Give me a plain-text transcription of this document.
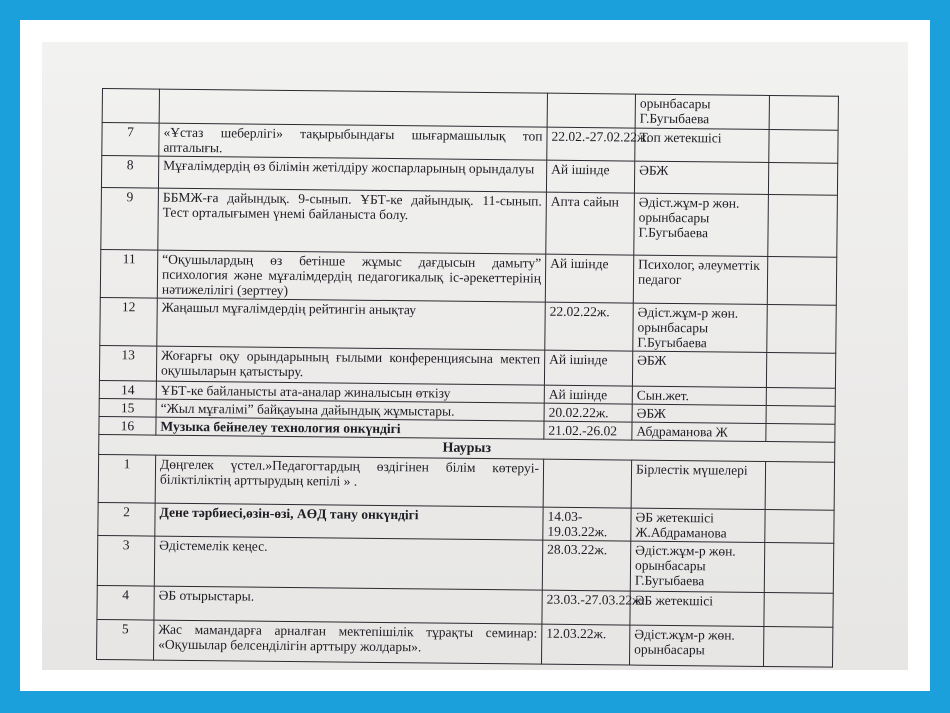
			орынбасары Г.Бугыбаева	
7	«Ұстаз шеберлігі» тақырыбындағы шығармашылық топ апталығы.	22.02.-27.02.22ж.	Топ жетекшісі	
8	Мұғалімдердің өз білімін жетілдіру жоспарларының орындалуы	Ай ішінде	ӘБЖ	
9	ББМЖ-ға дайындық. 9-сынып. ҰБТ-ке дайындық. 11-сынып. Тест орталығымен үнемі байланыста болу.	Апта сайын	Әдіст.жұм-р жөн. орынбасары Г.Бугыбаева	
11	“Оқушылардың өз бетінше жұмыс дағдысын дамыту” психология және мұғалімдердің педагогикалық іс-әрекеттерінің нәтижелілігі (зерттеу)	Ай ішінде	Психолог, әлеуметтік педагог	
12	Жаңашыл мұғалімдердің рейтингін анықтау	22.02.22ж.	Әдіст.жұм-р жөн. орынбасары Г.Бугыбаева	
13	Жоғарғы оқу орындарының ғылыми конференциясына мектеп оқушыларын қатыстыру.	Ай ішінде	ӘБЖ	
14	ҰБТ-ке байланысты ата-аналар жиналысын өткізу	Ай ішінде	Сын.жет.	
15	“Жыл мұғалімі” байқауына дайындық жұмыстары.	20.02.22ж.	ӘБЖ	
16	Музыка бейнелеу технология онкүндігі	21.02.-26.02	Абдраманова Ж	
Наурыз				
1	Дөңгелек үстел.»Педагогтардың өздігінен білім көтеруі-біліктіліктің арттырудың кепілі » .		Бірлестік мүшелері	
2	Дене тәрбиесі,өзін-өзі, АӨД тану онкүндігі	14.03-19.03.22ж.	ӘБ жетекшісі Ж.Абдраманова	
3	Әдістемелік кеңес.	28.03.22ж.	Әдіст.жұм-р жөн. орынбасары Г.Бугыбаева	
4	ӘБ отырыстары.	23.03.-27.03.22ж.	ӘБ жетекшісі	
5	Жас мамандарға арналған мектепішілік тұрақты семинар: «Оқушылар белсенділігін арттыру жолдары».	12.03.22ж.	Әдіст.жұм-р жөн. орынбасары	
